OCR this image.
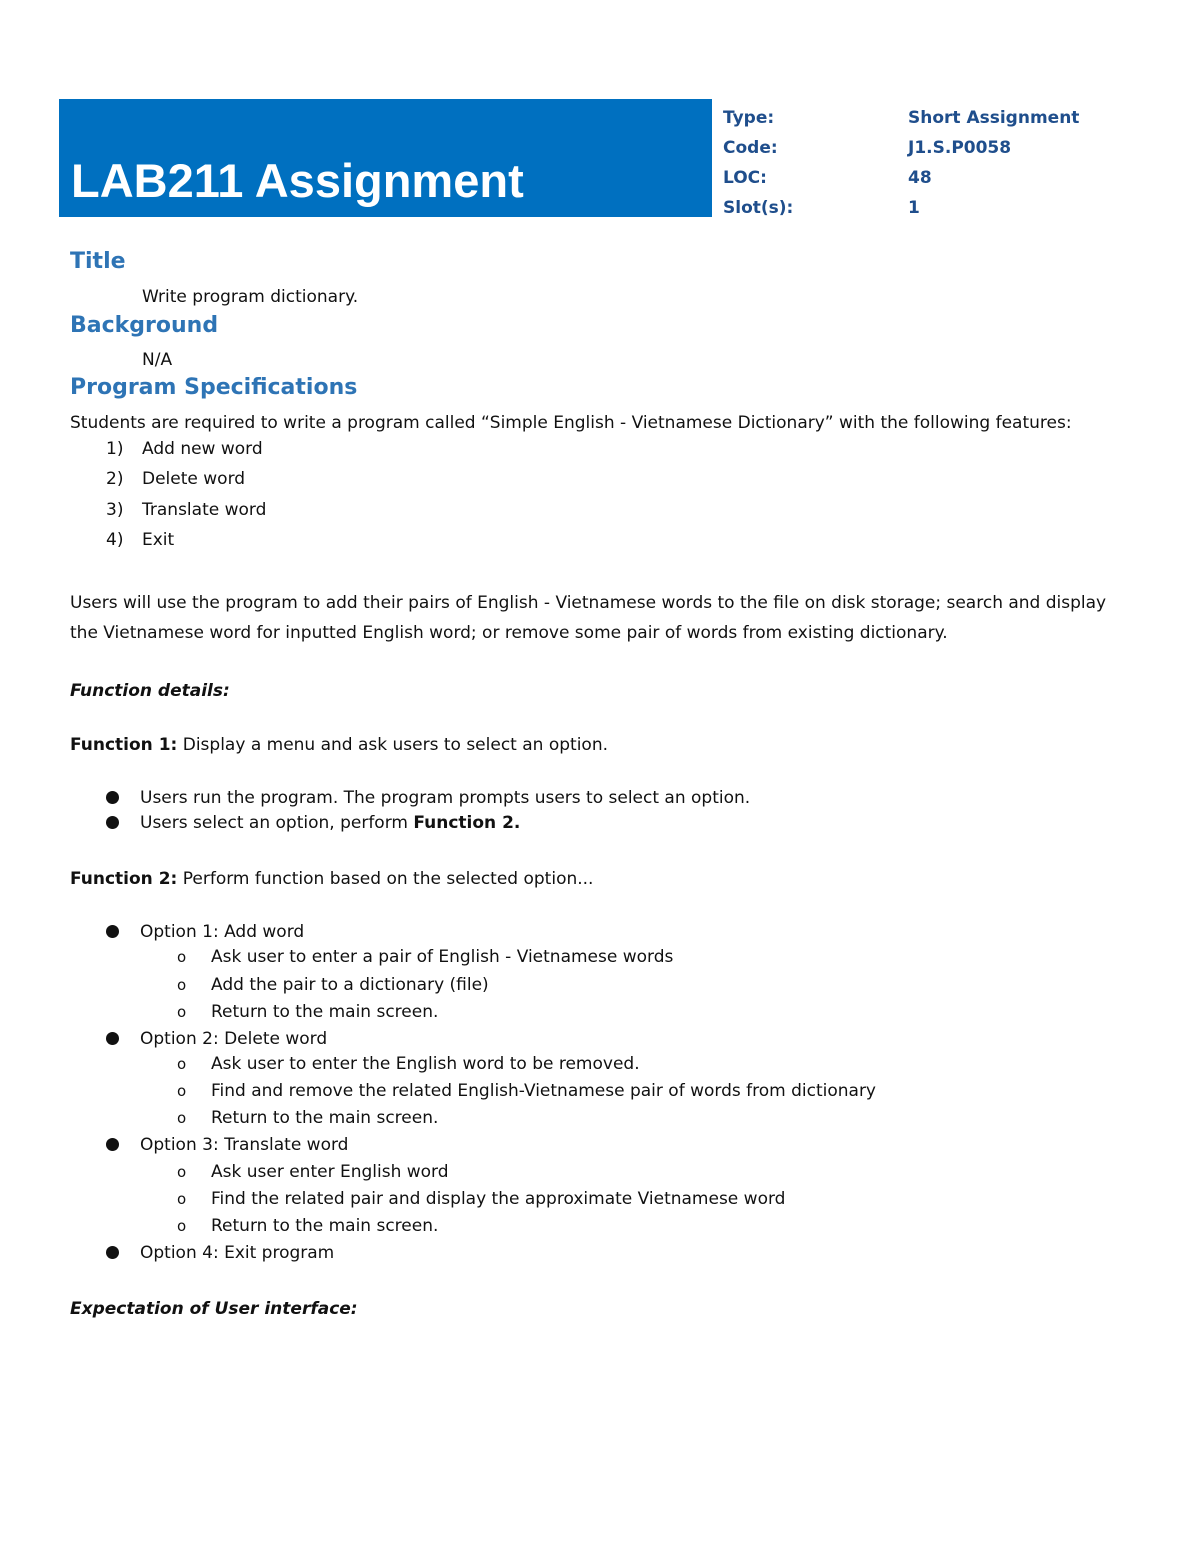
LAB211 Assignment
Type:	Short Assignment
Code:	J1.S.P0058
LOC:	48
Slot(s):	1
Title

Write program dictionary.

Background

N/A

Program Specifications

Students are required to write a program called “Simple English - Vietnamese Dictionary” with the following features:

1) Add new word
2) Delete word
3) Translate word
4) Exit

Users will use the program to add their pairs of English - Vietnamese words to the file on disk storage; search and display

the Vietnamese word for inputted English word; or remove some pair of words from existing dictionary.

Function details:

Function 1: Display a menu and ask users to select an option.

Users run the program. The program prompts users to select an option.
Users select an option, perform Function 2.

Function 2: Perform function based on the selected option...

Option 1: Add word
o Ask user to enter a pair of English - Vietnamese words
o Add the pair to a dictionary (file)
o Return to the main screen.
Option 2: Delete word
o Ask user to enter the English word to be removed.
o Find and remove the related English-Vietnamese pair of words from dictionary
o Return to the main screen.
Option 3: Translate word
o Ask user enter English word
o Find the related pair and display the approximate Vietnamese word
o Return to the main screen.
Option 4: Exit program

Expectation of User interface:
